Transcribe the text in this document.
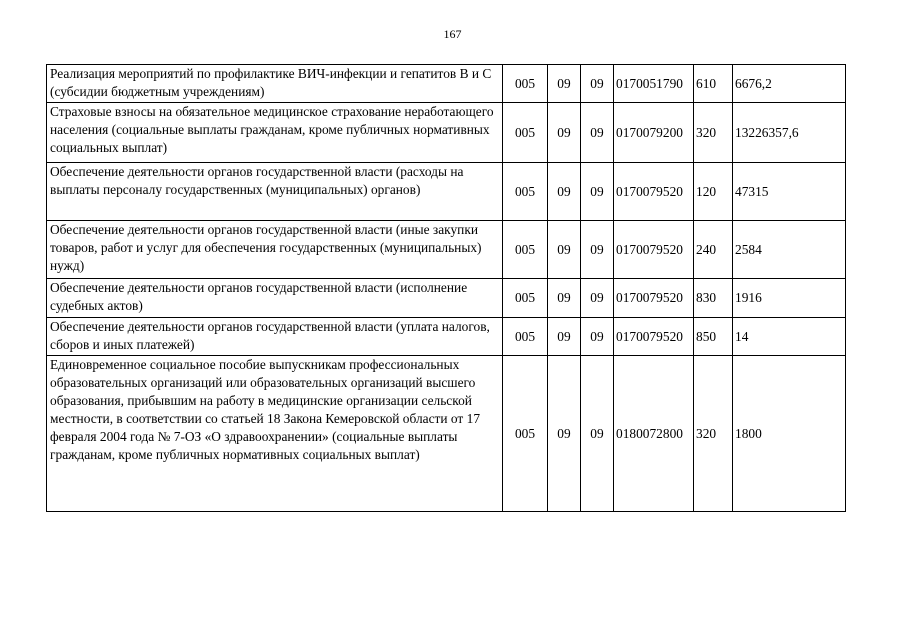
167
Реализация мероприятий по профилактике ВИЧ-инфекции и гепатитов В и С (субсидии бюджетным учреждениям)	005	09	09	0170051790	610	6676,2
Страховые взносы на обязательное медицинское страхование неработающего населения (социальные выплаты гражданам, кроме публичных нормативных социальных выплат)	005	09	09	0170079200	320	13226357,6
Обеспечение деятельности органов государственной власти (расходы на выплаты персоналу государственных (муниципальных) органов)	005	09	09	0170079520	120	47315
Обеспечение деятельности органов государственной власти (иные закупки товаров, работ и услуг для обеспечения государственных (муниципальных) нужд)	005	09	09	0170079520	240	2584
Обеспечение деятельности органов государственной власти (исполнение судебных актов)	005	09	09	0170079520	830	1916
Обеспечение деятельности органов государственной власти (уплата налогов, сборов и иных платежей)	005	09	09	0170079520	850	14
Единовременное социальное пособие выпускникам профессиональных образовательных организаций или образовательных организаций высшего образования, прибывшим на работу в медицинские организации сельской местности, в соответствии со статьей 18 Закона Кемеровской области от 17 февраля 2004 года № 7-ОЗ «О здравоохранении» (социальные выплаты гражданам, кроме публичных нормативных социальных выплат)	005	09	09	0180072800	320	1800
